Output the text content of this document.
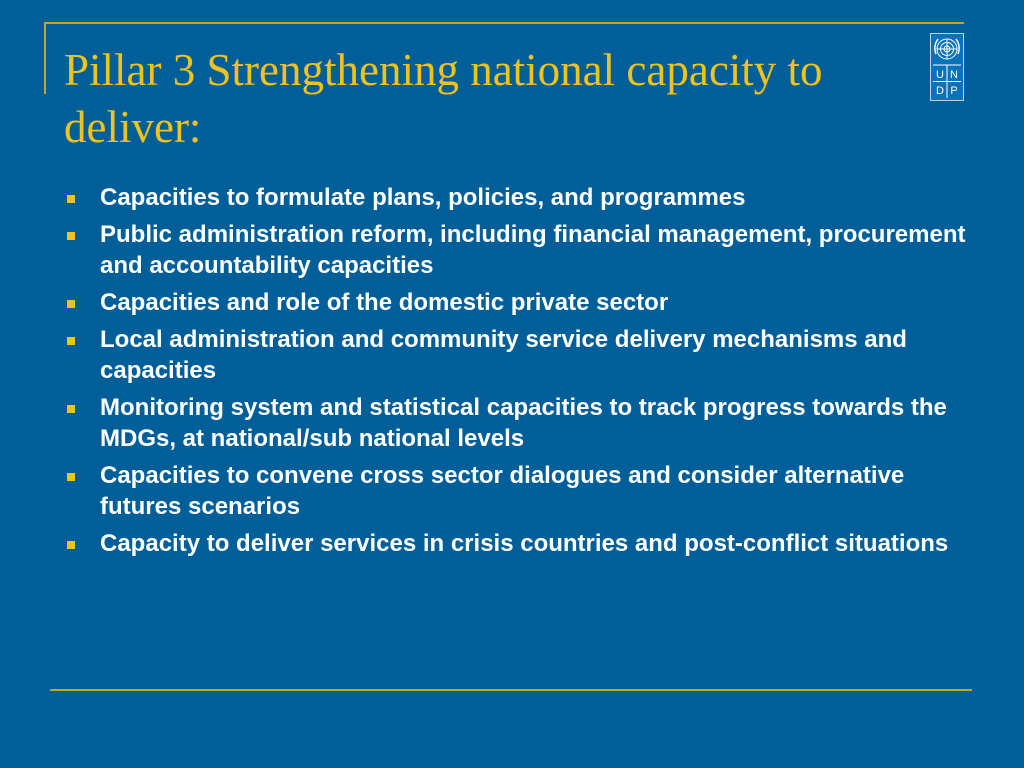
Pillar 3 Strengthening national capacity to deliver:
U N
D P
Capacities to formulate plans, policies, and programmes
Public administration reform, including financial management, procurement and accountability capacities
Capacities and role of the domestic private sector
Local administration and community service delivery mechanisms and capacities
Monitoring system and statistical capacities to track progress towards the MDGs, at national/sub national levels
Capacities to convene cross sector dialogues and consider alternative futures scenarios
Capacity to deliver services in crisis countries and post-conflict situations
